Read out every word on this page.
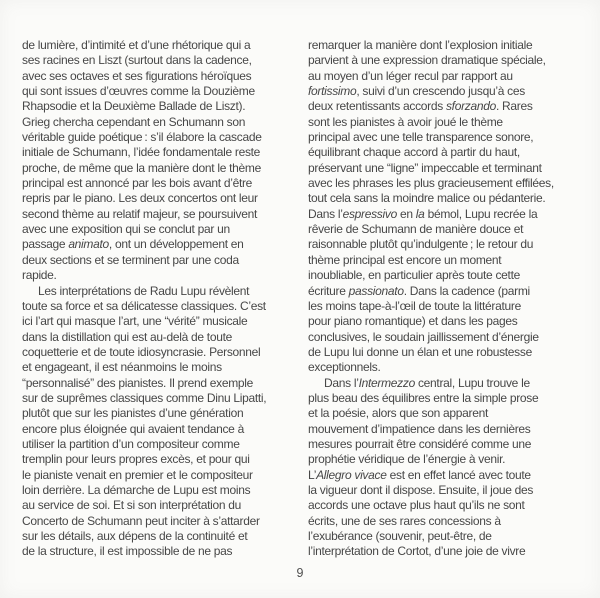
de lumière, d’intimité et d’une rhétorique qui a
ses racines en Liszt (surtout dans la cadence,
avec ses octaves et ses figurations héroïques
qui sont issues d’œuvres comme la Douzième
Rhapsodie et la Deuxième Ballade de Liszt).
Grieg chercha cependant en Schumann son
véritable guide poétique : s’il élabore la cascade
initiale de Schumann, l’idée fondamentale reste
proche, de même que la manière dont le thème
principal est annoncé par les bois avant d’être
repris par le piano. Les deux concertos ont leur
second thème au relatif majeur, se poursuivent
avec une exposition qui se conclut par un
passage animato, ont un développement en
deux sections et se terminent par une coda
rapide.
Les interprétations de Radu Lupu révèlent
toute sa force et sa délicatesse classiques. C’est
ici l’art qui masque l’art, une “vérité” musicale
dans la distillation qui est au-delà de toute
coquetterie et de toute idiosyncrasie. Personnel
et engageant, il est néanmoins le moins
“personnalisé” des pianistes. Il prend exemple
sur de suprêmes classiques comme Dinu Lipatti,
plutôt que sur les pianistes d’une génération
encore plus éloignée qui avaient tendance à
utiliser la partition d’un compositeur comme
tremplin pour leurs propres excès, et pour qui
le pianiste venait en premier et le compositeur
loin derrière. La démarche de Lupu est moins
au service de soi. Et si son interprétation du
Concerto de Schumann peut inciter à s’attarder
sur les détails, aux dépens de la continuité et
de la structure, il est impossible de ne pas
remarquer la manière dont l’explosion initiale
parvient à une expression dramatique spéciale,
au moyen d’un léger recul par rapport au
fortissimo, suivi d’un crescendo jusqu’à ces
deux retentissants accords sforzando. Rares
sont les pianistes à avoir joué le thème
principal avec une telle transparence sonore,
équilibrant chaque accord à partir du haut,
préservant une “ligne” impeccable et terminant
avec les phrases les plus gracieusement effilées,
tout cela sans la moindre malice ou pédanterie.
Dans l’espressivo en la bémol, Lupu recrée la
rêverie de Schumann de manière douce et
raisonnable plutôt qu’indulgente ; le retour du
thème principal est encore un moment
inoubliable, en particulier après toute cette
écriture passionato. Dans la cadence (parmi
les moins tape-à-l’œil de toute la littérature
pour piano romantique) et dans les pages
conclusives, le soudain jaillissement d’énergie
de Lupu lui donne un élan et une robustesse
exceptionnels.
Dans l’Intermezzo central, Lupu trouve le
plus beau des équilibres entre la simple prose
et la poésie, alors que son apparent
mouvement d’impatience dans les dernières
mesures pourrait être considéré comme une
prophétie véridique de l’énergie à venir.
L’Allegro vivace est en effet lancé avec toute
la vigueur dont il dispose. Ensuite, il joue des
accords une octave plus haut qu’ils ne sont
écrits, une de ses rares concessions à
l’exubérance (souvenir, peut-être, de
l’interprétation de Cortot, d’une joie de vivre
9
